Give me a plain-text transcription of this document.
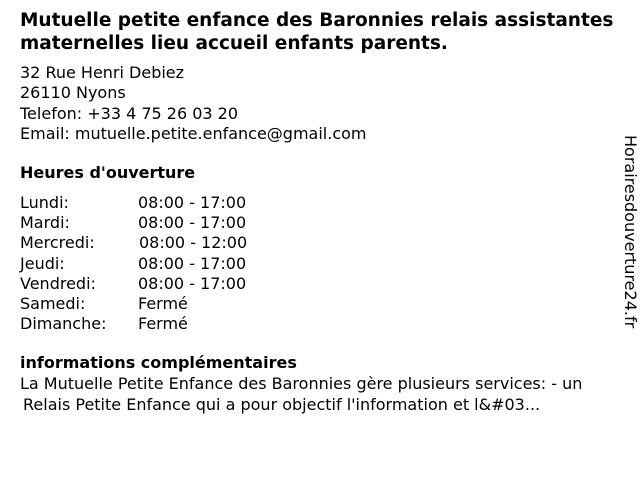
Mutuelle petite enfance des Baronnies relais assistantes maternelles lieu accueil enfants parents.
32 Rue Henri Debiez
26110 Nyons
Telefon: +33 4 75 26 03 20
Email: mutuelle.petite.enfance@gmail.com
Heures d'ouverture
Lundi:	08:00 - 17:00
Mardi:	08:00 - 17:00
Mercredi:	08:00 - 12:00
Jeudi:	08:00 - 17:00
Vendredi:	08:00 - 17:00
Samedi:	Fermé
Dimanche: Fermé
informations complémentaires
La Mutuelle Petite Enfance des Baronnies gère plusieurs services: - un
Relais Petite Enfance qui a pour objectif l'information et l&#03...
Horairesdouverture24.fr
